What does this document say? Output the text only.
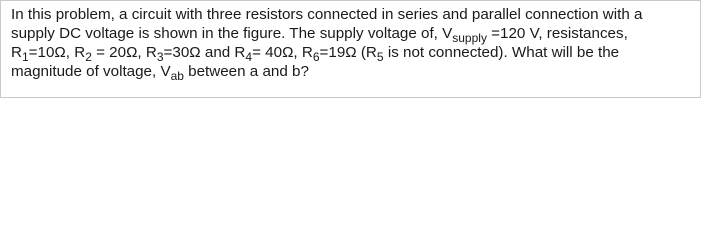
In this problem, a circuit with three resistors connected in series and parallel connection with a
supply DC voltage is shown in the figure. The supply voltage of, $V_{supply} =120$ V, resistances,
$R_1=10\Omega$, $R_2 = 20\Omega$, $R_3=30\Omega$ and $R_4= 40\Omega$, $R_6=19\Omega$ ($R_5$ is not connected). What will be the
magnitude of voltage, $V_{ab}$ between a and b?
